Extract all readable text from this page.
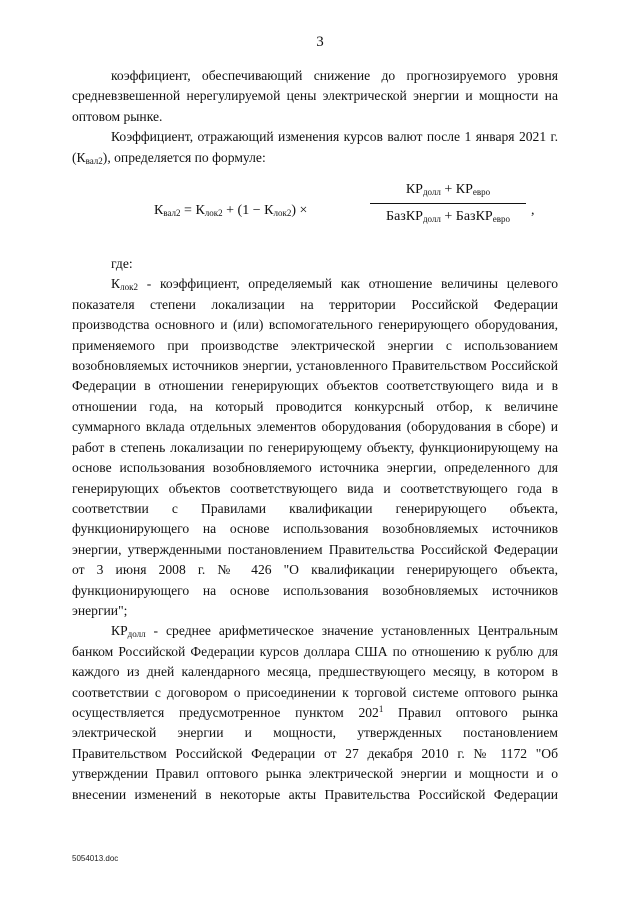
3

коэффициент, обеспечивающий снижение до прогнозируемого уровня средневзвешенной нерегулируемой цены электрической энергии и мощности на оптовом рынке.

Коэффициент, отражающий изменения курсов валют после 1 января 2021 г. $(К_{вал2})$, определяется по формуле:

$К_{вал2} = К_{лок2} + (1 - К_{лок2})$ ×
$КР_{долл} + КР_{евро}$
БазКР$_{долл}$ + БазКР$_{евро}$
,

где:

$К_{лок2}$ - коэффициент, определяемый как отношение величины целевого показателя степени локализации на территории Российской Федерации производства основного и (или) вспомогательного генерирующего оборудования, применяемого при производстве электрической энергии с использованием возобновляемых источников энергии, установленного Правительством Российской Федерации в отношении генерирующих объектов соответствующего вида и в отношении года, на который проводится конкурсный отбор, к величине суммарного вклада отдельных элементов оборудования (оборудования в сборе) и работ в степень локализации по генерирующему объекту, функционирующему на основе использования возобновляемого источника энергии, определенного для генерирующих объектов соответствующего вида и соответствующего года в соответствии с Правилами квалификации генерирующего объекта, функционирующего на основе использования возобновляемых источников энергии, утвержденными постановлением Правительства Российской Федерации от 3 июня 2008 г. № 426 "О квалификации генерирующего объекта, функционирующего на основе использования возобновляемых источников энергии";

$КР_{долл}$ - среднее арифметическое значение установленных Центральным банком Российской Федерации курсов доллара США по отношению к рублю для каждого из дней календарного месяца, предшествующего месяцу, в котором в соответствии с договором о присоединении к торговой системе оптового рынка осуществляется предусмотренное пунктом $202^1$ Правил оптового рынка электрической энергии и мощности, утвержденных постановлением Правительством Российской Федерации от 27 декабря 2010 г. № 1172 "Об утверждении Правил оптового рынка электрической энергии и мощности и о внесении изменений в некоторые акты Правительства Российской Федерации

5054013.doc
